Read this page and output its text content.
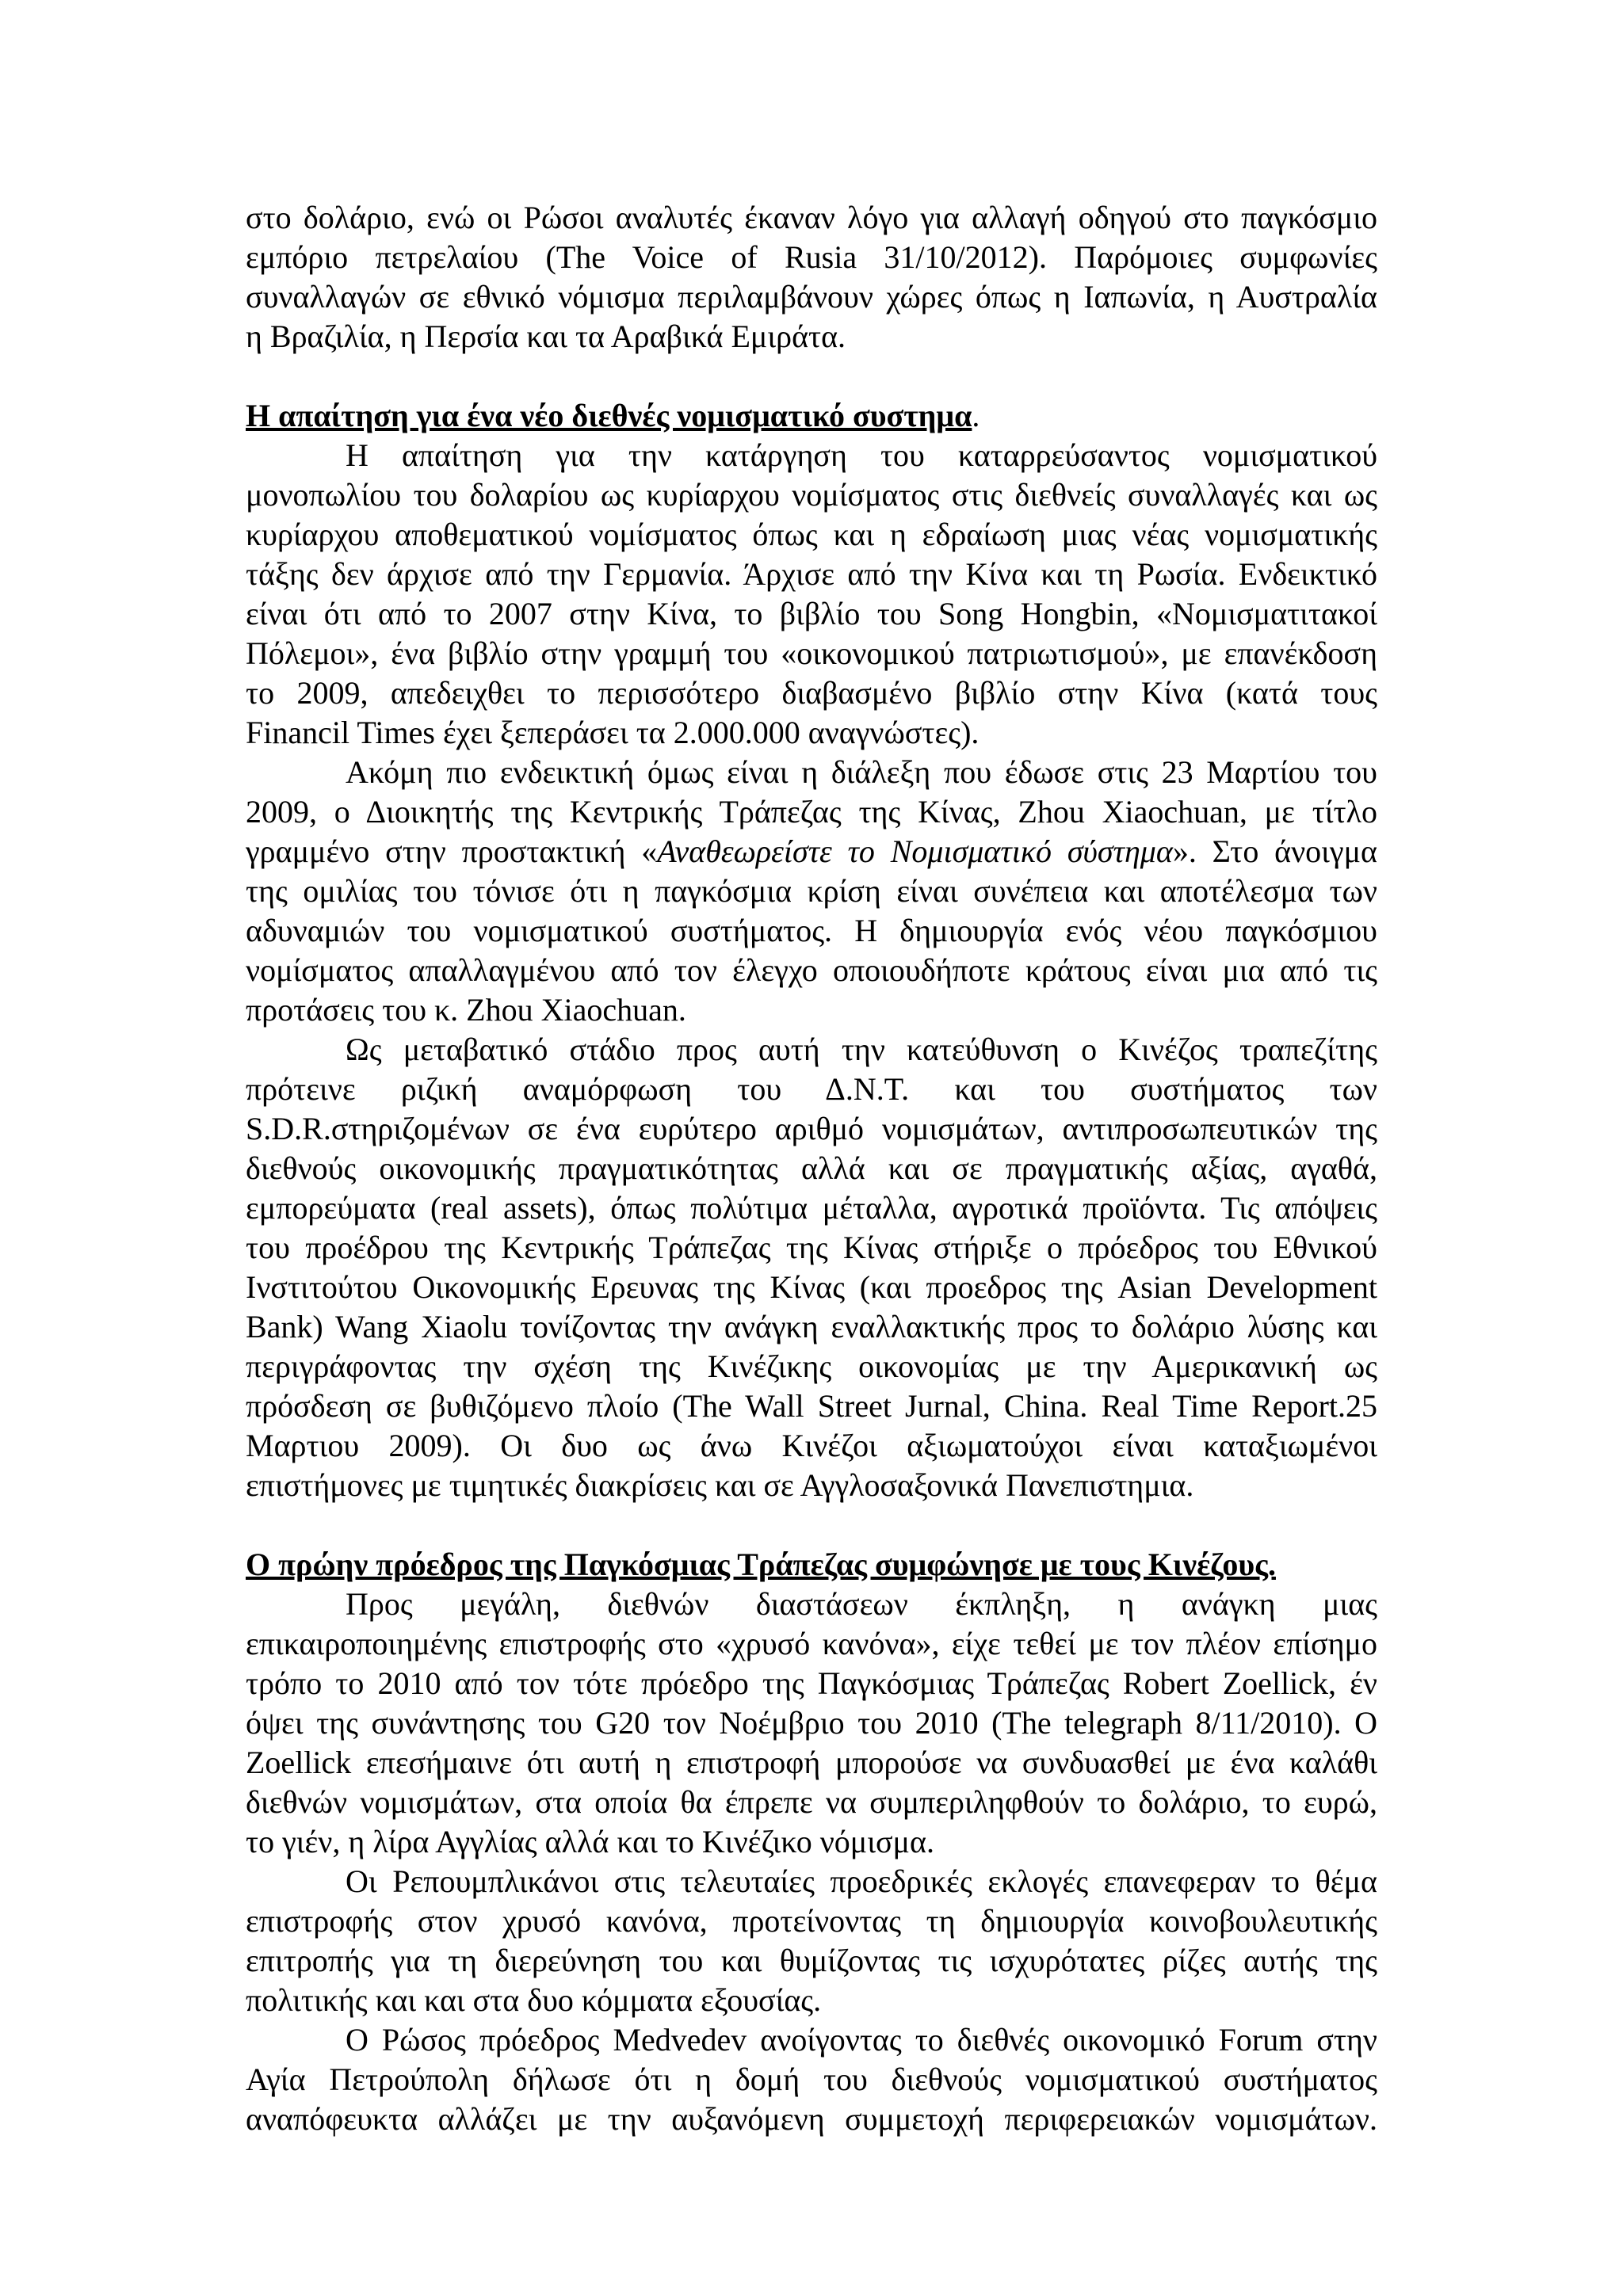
στο δολάριο, ενώ οι Ρώσοι αναλυτές έκαναν λόγο για αλλαγή οδηγού στο παγκόσμιο
εμπόριο πετρελαίου (The Voice of Rusia 31/10/2012). Παρόμοιες συμφωνίες
συναλλαγών σε εθνικό νόμισμα περιλαμβάνουν χώρες όπως η Ιαπωνία, η Αυστραλία
η Βραζιλία, η Περσία και τα Αραβικά Εμιράτα.
Η απαίτηση για ένα νέο διεθνές νομισματικό συστημα.
Η απαίτηση για την κατάργηση του καταρρεύσαντος νομισματικού
μονοπωλίου του δολαρίου ως κυρίαρχου νομίσματος στις διεθνείς συναλλαγές και ως
κυρίαρχου αποθεματικού νομίσματος όπως και η εδραίωση μιας νέας νομισματικής
τάξης δεν άρχισε από την Γερμανία. Άρχισε από την Κίνα και τη Ρωσία. Ενδεικτικό
είναι ότι από το 2007 στην Κίνα, το βιβλίο του Song Hongbin, «Νομισματιτακοί
Πόλεμοι», ένα βιβλίο στην γραμμή του «οικονομικού πατριωτισμού», με επανέκδοση
το 2009, απεδειχθει το περισσότερο διαβασμένο βιβλίο στην Κίνα (κατά τους
Financil Times έχει ξεπεράσει τα 2.000.000 αναγνώστες).
Ακόμη πιο ενδεικτική όμως είναι η διάλεξη που έδωσε στις 23 Μαρτίου του
2009, ο Διοικητής της Κεντρικής Τράπεζας της Κίνας, Zhou Xiaochuan, με τίτλο
γραμμένο στην προστακτική «Αναθεωρείστε το Νομισματικό σύστημα». Στο άνοιγμα
της ομιλίας του τόνισε ότι η παγκόσμια κρίση είναι συνέπεια και αποτέλεσμα των
αδυναμιών του νομισματικού συστήματος. Η δημιουργία ενός νέου παγκόσμιου
νομίσματος απαλλαγμένου από τον έλεγχο οποιουδήποτε κράτους είναι μια από τις
προτάσεις του κ. Zhou Xiaochuan.
Ως μεταβατικό στάδιο προς αυτή την κατεύθυνση ο Κινέζος τραπεζίτης
πρότεινε ριζική αναμόρφωση του Δ.Ν.Τ. και του συστήματος των
S.D.R.στηριζομένων σε ένα ευρύτερο αριθμό νομισμάτων, αντιπροσωπευτικών της
διεθνούς οικονομικής πραγματικότητας αλλά και σε πραγματικής αξίας, αγαθά,
εμπορεύματα (real assets), όπως πολύτιμα μέταλλα, αγροτικά προϊόντα. Τις απόψεις
του προέδρου της Κεντρικής Τράπεζας της Κίνας στήριξε ο πρόεδρος του Εθνικού
Ινστιτούτου Οικονομικής Ερευνας της Κίνας (και προεδρος της Asian Development
Bank) Wang Xiaolu τονίζοντας την ανάγκη εναλλακτικής προς το δολάριο λύσης και
περιγράφοντας την σχέση της Κινέζικης οικονομίας με την Αμερικανική ως
πρόσδεση σε βυθιζόμενο πλοίο (The Wall Street Jurnal, China. Real Time Report.25
Μαρτιου 2009). Οι δυο ως άνω Κινέζοι αξιωματούχοι είναι καταξιωμένοι
επιστήμονες με τιμητικές διακρίσεις και σε Αγγλοσαξονικά Πανεπιστημια.
Ο πρώην πρόεδρος της Παγκόσμιας Τράπεζας συμφώνησε με τους Κινέζους.
Προς μεγάλη, διεθνών διαστάσεων έκπληξη, η ανάγκη μιας
επικαιροποιημένης επιστροφής στο «χρυσό κανόνα», είχε τεθεί με τον πλέον επίσημο
τρόπο το 2010 από τον τότε πρόεδρο της Παγκόσμιας Τράπεζας Robert Zoellick, έν
όψει της συνάντησης του G20 τον Νοέμβριο του 2010 (The telegraph 8/11/2010). Ο
Zoellick επεσήμαινε ότι αυτή η επιστροφή μπορούσε να συνδυασθεί με ένα καλάθι
διεθνών νομισμάτων, στα οποία θα έπρεπε να συμπεριληφθούν το δολάριο, το ευρώ,
το γιέν, η λίρα Αγγλίας αλλά και το Κινέζικο νόμισμα.
Οι Ρεπουμπλικάνοι στις τελευταίες προεδρικές εκλογές επανεφεραν το θέμα
επιστροφής στον χρυσό κανόνα, προτείνοντας τη δημιουργία κοινοβουλευτικής
επιτροπής για τη διερεύνηση του και θυμίζοντας τις ισχυρότατες ρίζες αυτής της
πολιτικής και και στα δυο κόμματα εξουσίας.
Ο Ρώσος πρόεδρος Medvedev ανοίγοντας το διεθνές οικονομικό Forum στην
Αγία Πετρούπολη δήλωσε ότι η δομή του διεθνούς νομισματικού συστήματος
αναπόφευκτα αλλάζει με την αυξανόμενη συμμετοχή περιφερειακών νομισμάτων.
